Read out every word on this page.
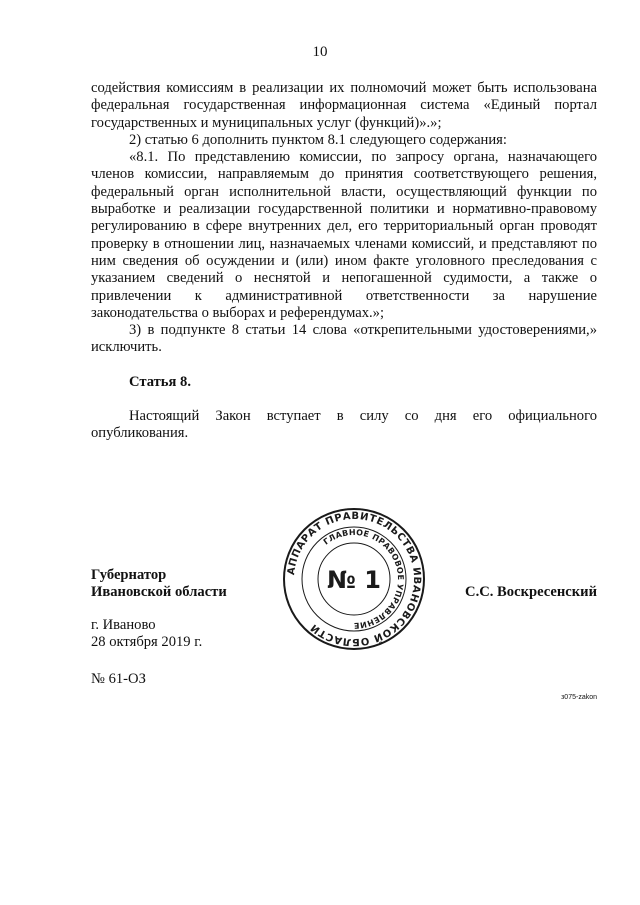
10

содействия комиссиям в реализации их полномочий может быть использована федеральная государственная информационная система «Единый портал государственных и муниципальных услуг (функций)».»;

2) статью 6 дополнить пунктом 8.1 следующего содержания:

«8.1. По представлению комиссии, по запросу органа, назначающего членов комиссии, направляемым до принятия соответствующего решения, федеральный орган исполнительной власти, осуществляющий функции по выработке и реализации государственной политики и нормативно-правовому регулированию в сфере внутренних дел, его территориальный орган проводят проверку в отношении лиц, назначаемых членами комиссий, и представляют по ним сведения об осуждении и (или) ином факте уголовного преследования с указанием сведений о неснятой и непогашенной судимости, а также о привлечении к административной ответственности за нарушение законодательства о выборах и референдумах.»;

3) в подпункте 8 статьи 14 слова «открепительными удостоверениями,» исключить.

Статья 8.

Настоящий Закон вступает в силу со дня его официального опубликования.

АППАРАТ ПРАВИТЕЛЬСТВА ИВАНОВСКОЙ ОБЛАСТИ
ГЛАВНОЕ ПРАВОВОЕ УПРАВЛЕНИЕ
№ 1
Губернатор
Ивановской области	С.С. Воскресенский
г. Иваново
28 октября 2019 г.
№ 61-ОЗ
з075-zakon
